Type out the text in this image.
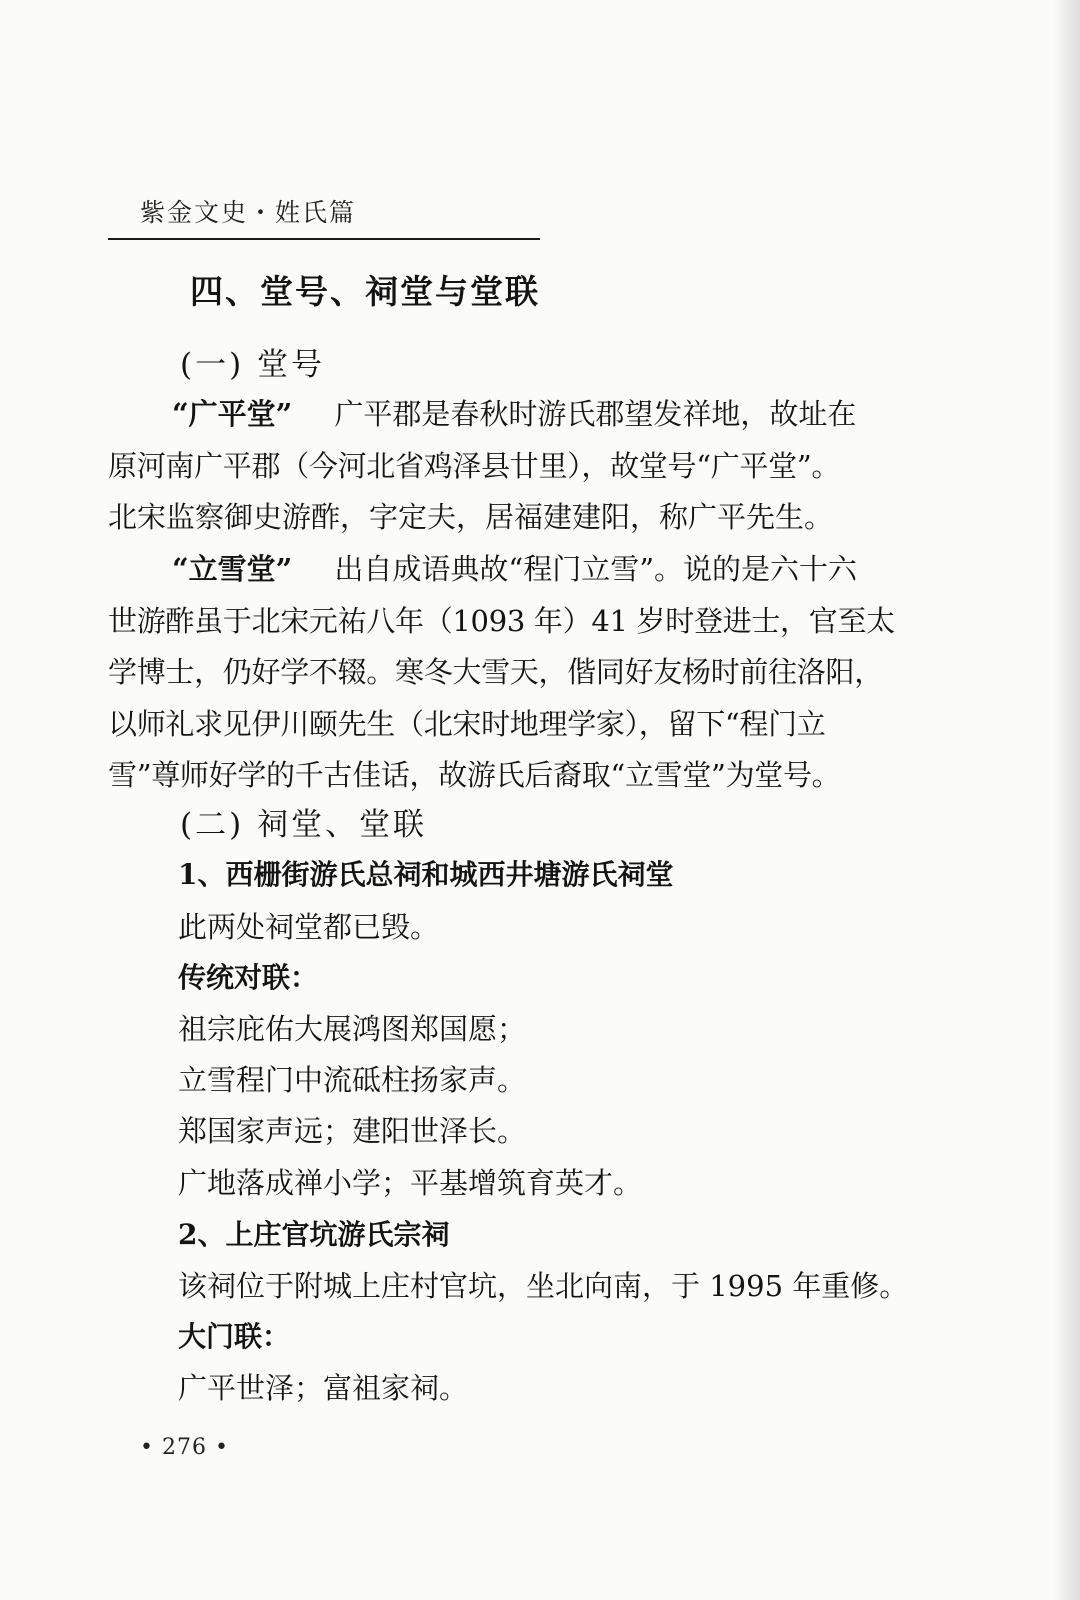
紫金文史・姓氏篇
四、堂号、祠堂与堂联
(一) 堂号
“广平堂” 广平郡是春秋时游氏郡望发祥地，故址在
原河南广平郡（今河北省鸡泽县廿里），故堂号“广平堂”。
北宋监察御史游酢，字定夫，居福建建阳，称广平先生。
“立雪堂” 出自成语典故“程门立雪”。说的是六十六
世游酢虽于北宋元祐八年（1093 年）41 岁时登进士，官至太
学博士，仍好学不辍。寒冬大雪天，偕同好友杨时前往洛阳，
以师礼求见伊川颐先生（北宋时地理学家），留下“程门立
雪”尊师好学的千古佳话，故游氏后裔取“立雪堂”为堂号。
(二) 祠堂、堂联
1、西栅街游氏总祠和城西井塘游氏祠堂
此两处祠堂都已毁。
传统对联：
祖宗庇佑大展鸿图郑国愿；
立雪程门中流砥柱扬家声。
郑国家声远；建阳世泽长。
广地落成禅小学；平基增筑育英才。
2、上庄官坑游氏宗祠
该祠位于附城上庄村官坑，坐北向南，于 1995 年重修。
大门联：
广平世泽；富祖家祠。
• 276 •
